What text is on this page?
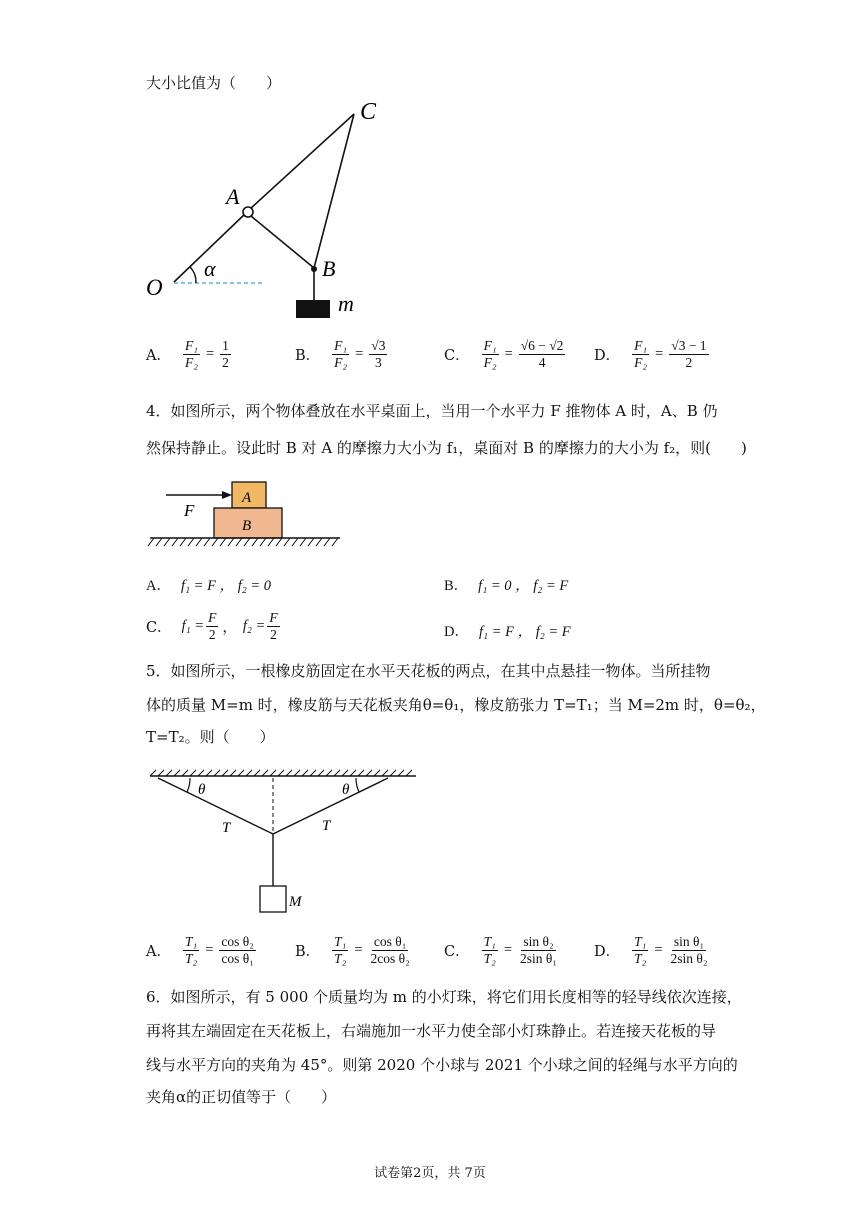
大小比值为（　　）
C
A
B
O
α
m
A． $\frac{\text{F₁}}{\text{F₂}} = \frac{1}{2}$	B． $\frac{\text{F₁}}{\text{F₂}} = \frac{√3}{3}$	C． $\frac{\text{F₁}}{\text{F₂}} = \frac{√6 - √2}{4}$ D． $\frac{\text{F₁}}{\text{F₂}} = \frac{√3 - 1}{2}$
4．如图所示，两个物体叠放在水平桌面上，当用一个水平力 F 推物体 A 时，A、B 仍
然保持静止。设此时 B 对 A 的摩擦力大小为 f₁，桌面对 B 的摩擦力的大小为 f₂，则(　　)
F
A
B
A． f₁ = F ， f₂ = 0	B． f₁ = 0 ， f₂ = F
C． $f_1 = \frac{F}{2}$ ， $f_2 = \frac{F}{2}$	D． f₁ = F ， f₂ = F
5．如图所示，一根橡皮筋固定在水平天花板的两点，在其中点悬挂一物体。当所挂物
体的质量 M=m 时，橡皮筋与天花板夹角θ=θ₁，橡皮筋张力 T=T₁；当 M=2m 时，θ=θ₂，
T=T₂。则（　　）
θ	θ
T	T
M
A． $\frac{\text{T₁}}{\text{T₂}} = \frac{\text{cos θ₂}}{\text{cos θ₁}}$	B． $\frac{\text{T₁}}{\text{T₂}} = \frac{\text{cos θ₁}}{\text{2cos θ₂}}$ C． $\frac{\text{T₁}}{\text{T₂}} = \frac{\text{sin θ₂}}{\text{2sin θ₁}}$ D． $\frac{\text{T₁}}{\text{T₂}} = \frac{\text{sin θ₁}}{\text{2sin θ₂}}$
6．如图所示，有 5 000 个质量均为 m 的小灯珠，将它们用长度相等的轻导线依次连接，
再将其左端固定在天花板上，右端施加一水平力使全部小灯珠静止。若连接天花板的导
线与水平方向的夹角为 45°。则第 2020 个小球与 2021 个小球之间的轻绳与水平方向的
夹角α的正切值等于（　　）
试卷第2页，共 7页
